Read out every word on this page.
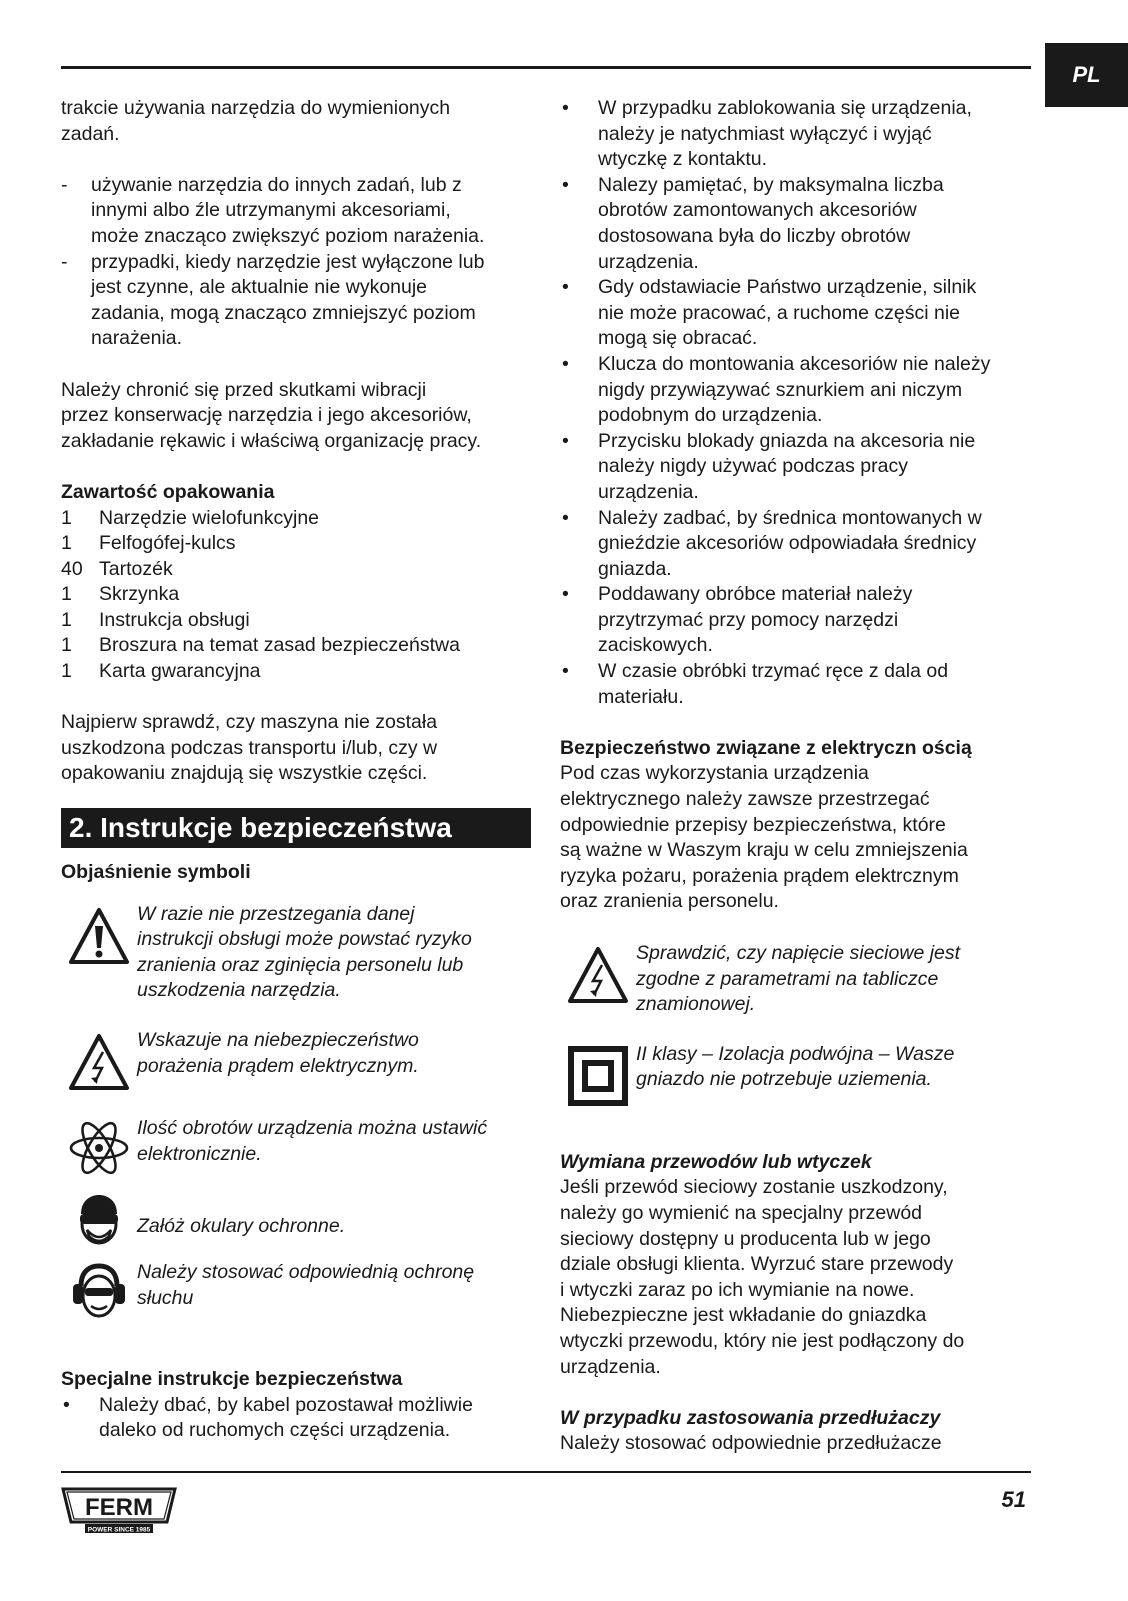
PL

trakcie używania narzędzia do wymienionych
zadań.

- używanie narzędzia do innych zadań, lub z
innymi albo źle utrzymanymi akcesoriami,
może znacząco zwiększyć poziom narażenia.
- przypadki, kiedy narzędzie jest wyłączone lub
jest czynne, ale aktualnie nie wykonuje
zadania, mogą znacząco zmniejszyć poziom
narażenia.

Należy chronić się przed skutkami wibracji
przez konserwację narzędzia i jego akcesoriów,
zakładanie rękawic i właściwą organizację pracy.

Zawartość opakowania

1	Narzędzie wielofunkcyjne
1	Felfogófej-kulcs
40 Tartozék
1	Skrzynka
1	Instrukcja obsługi
1	Broszura na temat zasad bezpieczeństwa
1	Karta gwarancyjna

Najpierw sprawdź, czy maszyna nie została
uszkodzona podczas transportu i/lub, czy w
opakowaniu znajdują się wszystkie części.

2. Instrukcje bezpieczeństwa

Objaśnienie symboli

W razie nie przestzegania danej
instrukcji obsługi może powstać ryzyko
zranienia oraz zginięcia personelu lub
uszkodzenia narzędzia.
Wskazuje na niebezpieczeństwo
porażenia prądem elektrycznym.
Ilość obrotów urządzenia można ustawić
elektronicznie.
Załóż okulary ochronne.
Należy stosować odpowiednią ochronę
słuchu

Specjalne instrukcje bezpieczeństwa

• Należy dbać, by kabel pozostawał możliwie
daleko od ruchomych części urządzenia.
• W przypadku zablokowania się urządzenia,
należy je natychmiast wyłączyć i wyjąć
wtyczkę z kontaktu.
• Nalezy pamiętać, by maksymalna liczba
obrotów zamontowanych akcesoriów
dostosowana była do liczby obrotów
urządzenia.
• Gdy odstawiacie Państwo urządzenie, silnik
nie może pracować, a ruchome części nie
mogą się obracać.
• Klucza do montowania akcesoriów nie należy
nigdy przywiązywać sznurkiem ani niczym
podobnym do urządzenia.
• Przycisku blokady gniazda na akcesoria nie
należy nigdy używać podczas pracy
urządzenia.
• Należy zadbać, by średnica montowanych w
gnieździe akcesoriów odpowiadała średnicy
gniazda.
• Poddawany obróbce materiał należy
przytrzymać przy pomocy narzędzi
zaciskowych.
• W czasie obróbki trzymać ręce z dala od
materiału.

Bezpieczeństwo związane z elektryczn ością

Pod czas wykorzystania urządzenia
elektrycznego należy zawsze przestrzegać
odpowiednie przepisy bezpieczeństwa, które
są ważne w Waszym kraju w celu zmniejszenia
ryzyka pożaru, porażenia prądem elektrcznym
oraz zranienia personelu.

Sprawdzić, czy napięcie sieciowe jest
zgodne z parametrami na tabliczce
znamionowej.
II klasy – Izolacja podwójna – Wasze
gniazdo nie potrzebuje uziemenia.

Wymiana przewodów lub wtyczek

Jeśli przewód sieciowy zostanie uszkodzony,
należy go wymienić na specjalny przewód
sieciowy dostępny u producenta lub w jego
dziale obsługi klienta. Wyrzuć stare przewody
i wtyczki zaraz po ich wymianie na nowe.
Niebezpieczne jest wkładanie do gniazdka
wtyczki przewodu, który nie jest podłączony do
urządzenia.

W przypadku zastosowania przedłużaczy

Należy stosować odpowiednie przedłużacze

FERM
POWER SINCE 1985
51
